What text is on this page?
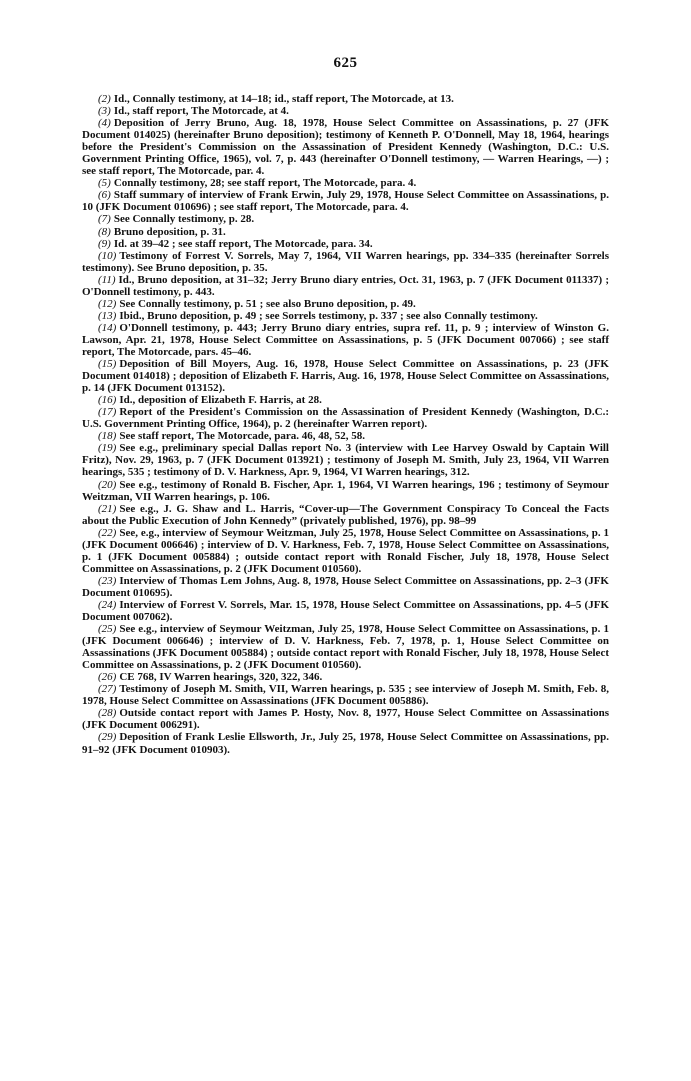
625

(2) Id., Connally testimony, at 14–18; id., staff report, The Motorcade, at 13.

(3) Id., staff report, The Motorcade, at 4.

(4) Deposition of Jerry Bruno, Aug. 18, 1978, House Select Committee on Assassinations, p. 27 (JFK Document 014025) (hereinafter Bruno deposition); testimony of Kenneth P. O'Donnell, May 18, 1964, hearings before the President's Commission on the Assassination of President Kennedy (Washington, D.C.: U.S. Government Printing Office, 1965), vol. 7, p. 443 (hereinafter O'Donnell testimony, — Warren Hearings, —) ; see staff report, The Motorcade, par. 4.

(5) Connally testimony, 28; see staff report, The Motorcade, para. 4.

(6) Staff summary of interview of Frank Erwin, July 29, 1978, House Select Committee on Assassinations, p. 10 (JFK Document 010696) ; see staff report, The Motorcade, para. 4.

(7) See Connally testimony, p. 28.

(8) Bruno deposition, p. 31.

(9) Id. at 39–42 ; see staff report, The Motorcade, para. 34.

(10) Testimony of Forrest V. Sorrels, May 7, 1964, VII Warren hearings, pp. 334–335 (hereinafter Sorrels testimony). See Bruno deposition, p. 35.

(11) Id., Bruno deposition, at 31–32; Jerry Bruno diary entries, Oct. 31, 1963, p. 7 (JFK Document 011337) ; O'Donnell testimony, p. 443.

(12) See Connally testimony, p. 51 ; see also Bruno deposition, p. 49.

(13) Ibid., Bruno deposition, p. 49 ; see Sorrels testimony, p. 337 ; see also Connally testimony.

(14) O'Donnell testimony, p. 443; Jerry Bruno diary entries, supra ref. 11, p. 9 ; interview of Winston G. Lawson, Apr. 21, 1978, House Select Committee on Assassinations, p. 5 (JFK Document 007066) ; see staff report, The Motorcade, pars. 45–46.

(15) Deposition of Bill Moyers, Aug. 16, 1978, House Select Committee on Assassinations, p. 23 (JFK Document 014018) ; deposition of Elizabeth F. Harris, Aug. 16, 1978, House Select Committee on Assassinations, p. 14 (JFK Document 013152).

(16) Id., deposition of Elizabeth F. Harris, at 28.

(17) Report of the President's Commission on the Assassination of President Kennedy (Washington, D.C.: U.S. Government Printing Office, 1964), p. 2 (hereinafter Warren report).

(18) See staff report, The Motorcade, para. 46, 48, 52, 58.

(19) See e.g., preliminary special Dallas report No. 3 (interview with Lee Harvey Oswald by Captain Will Fritz), Nov. 29, 1963, p. 7 (JFK Document 013921) ; testimony of Joseph M. Smith, July 23, 1964, VII Warren hearings, 535 ; testimony of D. V. Harkness, Apr. 9, 1964, VI Warren hearings, 312.

(20) See e.g., testimony of Ronald B. Fischer, Apr. 1, 1964, VI Warren hearings, 196 ; testimony of Seymour Weitzman, VII Warren hearings, p. 106.

(21) See e.g., J. G. Shaw and L. Harris, “Cover-up—The Government Conspiracy To Conceal the Facts about the Public Execution of John Kennedy” (privately published, 1976), pp. 98–99

(22) See, e.g., interview of Seymour Weitzman, July 25, 1978, House Select Committee on Assassinations, p. 1 (JFK Document 006646) ; interview of D. V. Harkness, Feb. 7, 1978, House Select Committee on Assassinations, p. 1 (JFK Document 005884) ; outside contact report with Ronald Fischer, July 18, 1978, House Select Committee on Assassinations, p. 2 (JFK Document 010560).

(23) Interview of Thomas Lem Johns, Aug. 8, 1978, House Select Committee on Assassinations, pp. 2–3 (JFK Document 010695).

(24) Interview of Forrest V. Sorrels, Mar. 15, 1978, House Select Committee on Assassinations, pp. 4–5 (JFK Document 007062).

(25) See e.g., interview of Seymour Weitzman, July 25, 1978, House Select Committee on Assassinations, p. 1 (JFK Document 006646) ; interview of D. V. Harkness, Feb. 7, 1978, p. 1, House Select Committee on Assassinations (JFK Document 005884) ; outside contact report with Ronald Fischer, July 18, 1978, House Select Committee on Assassinations, p. 2 (JFK Document 010560).

(26) CE 768, IV Warren hearings, 320, 322, 346.

(27) Testimony of Joseph M. Smith, VII, Warren hearings, p. 535 ; see interview of Joseph M. Smith, Feb. 8, 1978, House Select Committee on Assassinations (JFK Document 005886).

(28) Outside contact report with James P. Hosty, Nov. 8, 1977, House Select Committee on Assassinations (JFK Document 006291).

(29) Deposition of Frank Leslie Ellsworth, Jr., July 25, 1978, House Select Committee on Assassinations, pp. 91–92 (JFK Document 010903).
